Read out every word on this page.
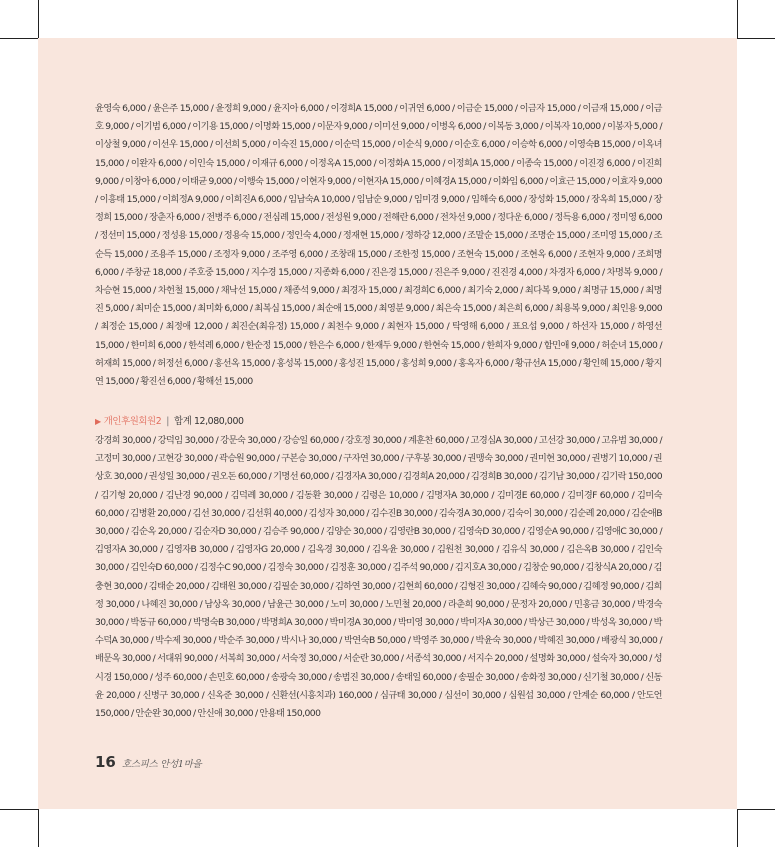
윤영숙 6,000 / 윤은주 15,000 / 윤정희 9,000 / 윤지아 6,000 / 이경희A 15,000 / 이귀연 6,000 / 이금순 15,000 / 이금자 15,000 / 이금재 15,000 / 이금호 9,000 / 이기범 6,000 / 이기용 15,000 / 이명화 15,000 / 이문자 9,000 / 이미선 9,000 / 이병옥 6,000 / 이복동 3,000 / 이복자 10,000 / 이봉자 5,000 / 이상철 9,000 / 이선우 15,000 / 이선희 5,000 / 이숙진 15,000 / 이순덕 15,000 / 이순식 9,000 / 이순호 6,000 / 이승학 6,000 / 이영숙B 15,000 / 이옥녀 15,000 / 이완자 6,000 / 이인숙 15,000 / 이재규 6,000 / 이정옥A 15,000 / 이정화A 15,000 / 이정희A 15,000 / 이종숙 15,000 / 이진경 6,000 / 이진희 9,000 / 이창아 6,000 / 이태균 9,000 / 이행숙 15,000 / 이현자 9,000 / 이현자A 15,000 / 이혜경A 15,000 / 이화임 6,000 / 이효근 15,000 / 이효자 9,000 / 이흥태 15,000 / 이희정A 9,000 / 이희진A 6,000 / 임남숙A 10,000 / 임남순 9,000 / 임미경 9,000 / 임해숙 6,000 / 장성화 15,000 / 장옥희 15,000 / 장정희 15,000 / 장춘자 6,000 / 전병주 6,000 / 전심례 15,000 / 전성원 9,000 / 전해란 6,000 / 전차선 9,000 / 정다운 6,000 / 정득용 6,000 / 정미영 6,000 / 정선미 15,000 / 정성용 15,000 / 정용숙 15,000 / 정인숙 4,000 / 정재현 15,000 / 정하강 12,000 / 조말순 15,000 / 조명순 15,000 / 조미영 15,000 / 조순득 15,000 / 조용주 15,000 / 조정자 9,000 / 조주영 6,000 / 조창래 15,000 / 조한정 15,000 / 조현숙 15,000 / 조현옥 6,000 / 조현자 9,000 / 조희명 6,000 / 주창균 18,000 / 주호중 15,000 / 지수경 15,000 / 지종화 6,000 / 진은경 15,000 / 진은주 9,000 / 진진경 4,000 / 차경자 6,000 / 차명복 9,000 / 차승현 15,000 / 차헌철 15,000 / 채낙선 15,000 / 채종석 9,000 / 최경자 15,000 / 최경희C 6,000 / 최기숙 2,000 / 최다복 9,000 / 최명규 15,000 / 최명진 5,000 / 최미순 15,000 / 최미화 6,000 / 최복심 15,000 / 최순애 15,000 / 최영분 9,000 / 최은숙 15,000 / 최은희 6,000 / 최용복 9,000 / 최인용 9,000 / 최정순 15,000 / 최정애 12,000 / 최진순(최유정) 15,000 / 최천수 9,000 / 최현자 15,000 / 탁영해 6,000 / 표요섭 9,000 / 하선자 15,000 / 하영선 15,000 / 한미희 6,000 / 한석례 6,000 / 한순정 15,000 / 한은수 6,000 / 한재두 9,000 / 한현숙 15,000 / 한희자 9,000 / 함민애 9,000 / 허순녀 15,000 / 허재희 15,000 / 허정선 6,000 / 홍선옥 15,000 / 홍성복 15,000 / 홍성진 15,000 / 홍성희 9,000 / 홍옥자 6,000 / 황규선A 15,000 / 황인혜 15,000 / 황지연 15,000 / 황진선 6,000 / 황해선 15,000
▶ 개인후원회원2 | 합계 12,080,000
강경희 30,000 / 강덕임 30,000 / 강문숙 30,000 / 강승일 60,000 / 강호정 30,000 / 계훈찬 60,000 / 고경심A 30,000 / 고선강 30,000 / 고유범 30,000 / 고정미 30,000 / 고현강 30,000 / 곽승원 90,000 / 구본승 30,000 / 구자연 30,000 / 구후봉 30,000 / 권맹숙 30,000 / 권미현 30,000 / 권병기 10,000 / 권상호 30,000 / 권성일 30,000 / 권오돈 60,000 / 기명선 60,000 / 김경자A 30,000 / 김경희A 20,000 / 김경희B 30,000 / 김기남 30,000 / 김기락 150,000 / 김기형 20,000 / 김난경 90,000 / 김덕례 30,000 / 김동환 30,000 / 김령은 10,000 / 김명자A 30,000 / 김미경E 60,000 / 김미경F 60,000 / 김미숙 60,000 / 김병환 20,000 / 김선 30,000 / 김선휘 40,000 / 김성자 30,000 / 김수진B 30,000 / 김숙경A 30,000 / 김숙이 30,000 / 김순례 20,000 / 김순애B 30,000 / 김순옥 20,000 / 김순자D 30,000 / 김승주 90,000 / 김양순 30,000 / 김영란B 30,000 / 김영숙D 30,000 / 김영순A 90,000 / 김영애C 30,000 / 김영자A 30,000 / 김영자B 30,000 / 김영자G 20,000 / 김옥경 30,000 / 김옥윤 30,000 / 김원천 30,000 / 김유식 30,000 / 김은옥B 30,000 / 김인숙 30,000 / 김인숙D 60,000 / 김정수C 90,000 / 김정숙 30,000 / 김정훈 30,000 / 김주석 90,000 / 김지호A 30,000 / 김창순 90,000 / 김창식A 20,000 / 김충현 30,000 / 김태순 20,000 / 김태원 30,000 / 김필순 30,000 / 김하연 30,000 / 김현희 60,000 / 김형진 30,000 / 김혜숙 90,000 / 김혜정 90,000 / 김희정 30,000 / 나혜진 30,000 / 남상옥 30,000 / 남윤근 30,000 / 노미 30,000 / 노민철 20,000 / 라춘희 90,000 / 문정자 20,000 / 민홍금 30,000 / 박경숙 30,000 / 박동규 60,000 / 박명숙B 30,000 / 박명희A 30,000 / 박미경A 30,000 / 박미영 30,000 / 박미자A 30,000 / 박상근 30,000 / 박성옥 30,000 / 박수덕A 30,000 / 박수제 30,000 / 박순주 30,000 / 박시나 30,000 / 박연숙B 50,000 / 박영주 30,000 / 박윤숙 30,000 / 박혜진 30,000 / 배광식 30,000 / 배문옥 30,000 / 서대위 90,000 / 서복희 30,000 / 서숙정 30,000 / 서순란 30,000 / 서종석 30,000 / 서지수 20,000 / 설명화 30,000 / 설숙자 30,000 / 성시경 150,000 / 성주 60,000 / 손민호 60,000 / 송광숙 30,000 / 송범진 30,000 / 송태일 60,000 / 송필순 30,000 / 송화정 30,000 / 신기철 30,000 / 신동윤 20,000 / 신병구 30,000 / 신옥준 30,000 / 신환선(시흥치과) 160,000 / 심규태 30,000 / 심선이 30,000 / 심원섭 30,000 / 안계순 60,000 / 안도언 150,000 / 안순완 30,000 / 안신애 30,000 / 안용태 150,000
16 호스피스 안성1마을
